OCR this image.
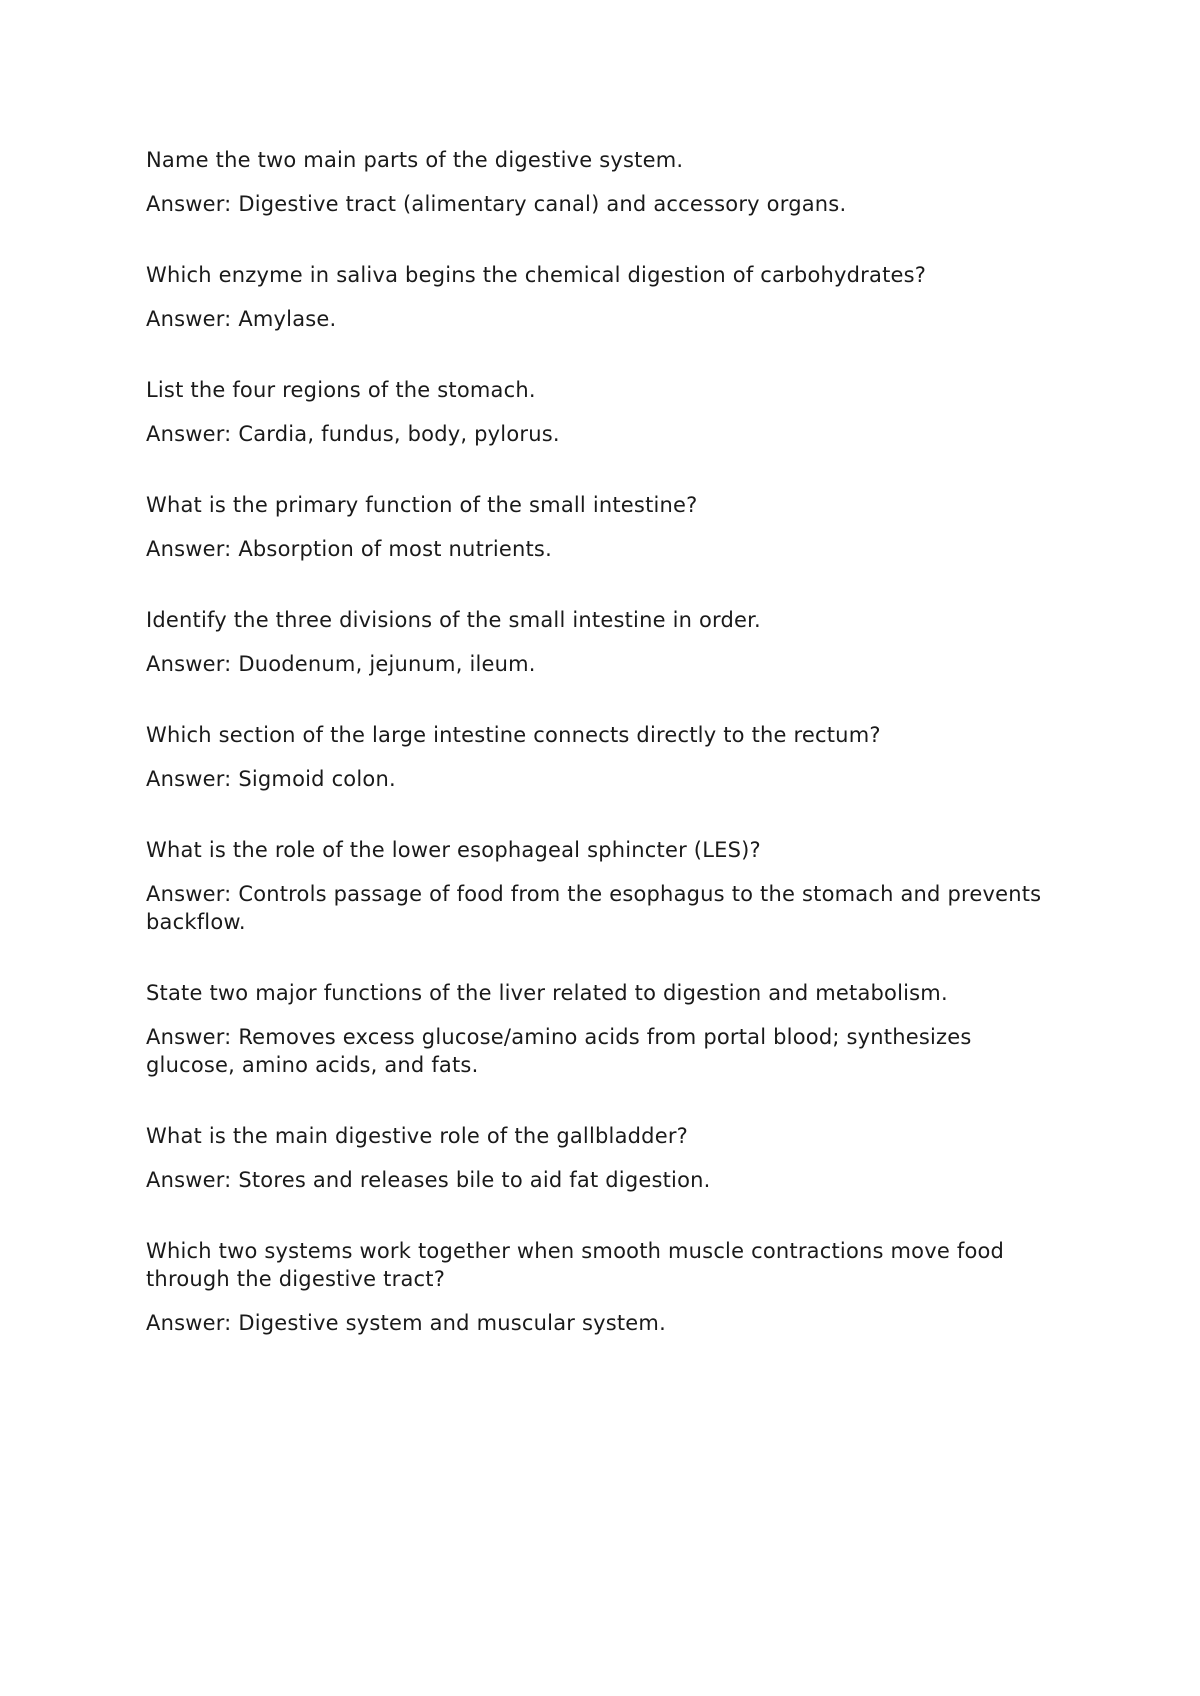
Name the two main parts of the digestive system.

Answer: Digestive tract (alimentary canal) and accessory organs.

Which enzyme in saliva begins the chemical digestion of carbohydrates?

Answer: Amylase.

List the four regions of the stomach.

Answer: Cardia, fundus, body, pylorus.

What is the primary function of the small intestine?

Answer: Absorption of most nutrients.

Identify the three divisions of the small intestine in order.

Answer: Duodenum, jejunum, ileum.

Which section of the large intestine connects directly to the rectum?

Answer: Sigmoid colon.

What is the role of the lower esophageal sphincter (LES)?

Answer: Controls passage of food from the esophagus to the stomach and prevents backflow.

State two major functions of the liver related to digestion and metabolism.

Answer: Removes excess glucose/amino acids from portal blood; synthesizes glucose, amino acids, and fats.

What is the main digestive role of the gallbladder?

Answer: Stores and releases bile to aid fat digestion.

Which two systems work together when smooth muscle contractions move food through the digestive tract?

Answer: Digestive system and muscular system.
